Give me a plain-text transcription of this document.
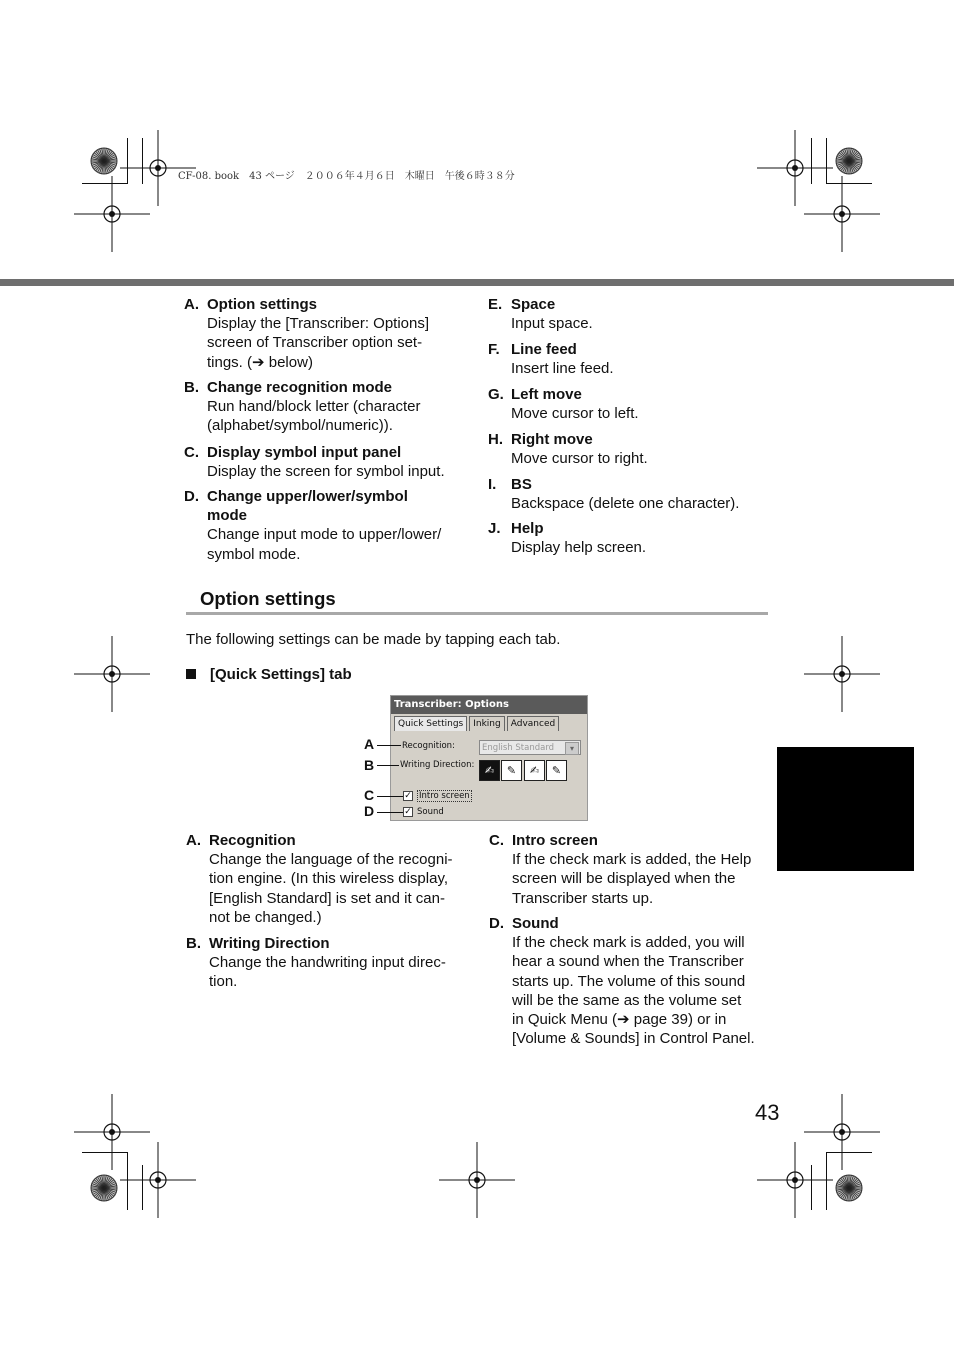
CF-08. book　43 ページ　２００６年４月６日　木曜日　午後６時３８分
A. Option settings
Display the [Transcriber: Options]
screen of Transcriber option set-
tings. (➔ below)
B. Change recognition mode
Run hand/block letter (character
(alphabet/symbol/numeric)).
C. Display symbol input panel
Display the screen for symbol input.
D. Change upper/lower/symbol
mode
Change input mode to upper/lower/
symbol mode.
E. Space
Input space.
F. Line feed
Insert line feed.
G. Left move
Move cursor to left.
H. Right move
Move cursor to right.
I. BS
Backspace (delete one character).
J. Help
Display help screen.
Option settings
The following settings can be made by tapping each tab.
[Quick Settings] tab
Transcriber: Options
Quick Settings	Inking	Advanced
Recognition:	English Standard	▾
Writing Direction: ✍	✎	✍	✎
✓ Intro screen
✓ Sound
A
B
C
D
A. Recognition
Change the language of the recogni-
tion engine. (In this wireless display,
[English Standard] is set and it can-
not be changed.)
B. Writing Direction
Change the handwriting input direc-
tion.
C. Intro screen
If the check mark is added, the Help
screen will be displayed when the
Transcriber starts up.
D. Sound
If the check mark is added, you will
hear a sound when the Transcriber
starts up. The volume of this sound
will be the same as the volume set
in Quick Menu (➔ page 39) or in
[Volume & Sounds] in Control Panel.
43
